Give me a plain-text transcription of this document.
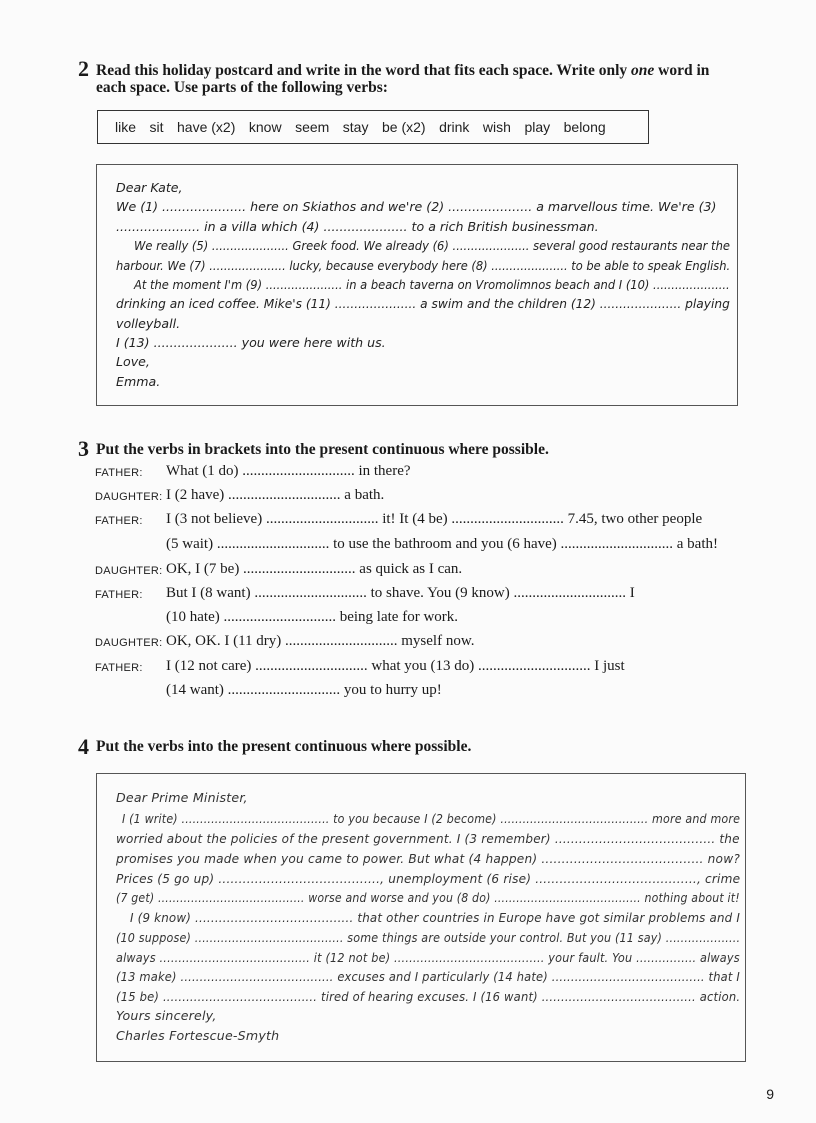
2 Read this holiday postcard and write in the word that fits each space. Write only one word in
each space. Use parts of the following verbs:
like sit have (x2) know seem stay be (x2) drink wish play belong
Dear Kate,
We (1) ..................... here on Skiathos and we're (2) ..................... a marvellous time. We're (3)
..................... in a villa which (4) ..................... to a rich British businessman.
We really (5) ..................... Greek food. We already (6) ..................... several good restaurants near the
harbour. We (7) ..................... lucky, because everybody here (8) ..................... to be able to speak English.
At the moment I'm (9) ..................... in a beach taverna on Vromolimnos beach and I (10) .....................
drinking an iced coffee. Mike's (11) ..................... a swim and the children (12) ..................... playing
volleyball.
I (13) ..................... you were here with us.
Love,
Emma.
3 Put the verbs in brackets into the present continuous where possible.
FATHER: What (1 do) .............................. in there?
DAUGHTER: I (2 have) .............................. a bath.
FATHER: I (3 not believe) .............................. it! It (4 be) .............................. 7.45, two other people
(5 wait) .............................. to use the bathroom and you (6 have) .............................. a bath!
DAUGHTER: OK, I (7 be) .............................. as quick as I can.
FATHER: But I (8 want) .............................. to shave. You (9 know) .............................. I
(10 hate) .............................. being late for work.
DAUGHTER: OK, OK. I (11 dry) .............................. myself now.
FATHER: I (12 not care) .............................. what you (13 do) .............................. I just
(14 want) .............................. you to hurry up!
4 Put the verbs into the present continuous where possible.
Dear Prime Minister,
I (1 write) ........................................ to you because I (2 become) ........................................ more and more
worried about the policies of the present government. I (3 remember) ........................................ the
promises you made when you came to power. But what (4 happen) ........................................ now?
Prices (5 go up) ........................................, unemployment (6 rise) ........................................, crime
(7 get) ........................................ worse and worse and you (8 do) ........................................ nothing about it!
I (9 know) ........................................ that other countries in Europe have got similar problems and I
(10 suppose) ........................................ some things are outside your control. But you (11 say) ....................
always ........................................ it (12 not be) ........................................ your fault. You ................ always
(13 make) ........................................ excuses and I particularly (14 hate) ........................................ that I
(15 be) ........................................ tired of hearing excuses. I (16 want) ........................................ action.
Yours sincerely,
Charles Fortescue-Smyth
9
